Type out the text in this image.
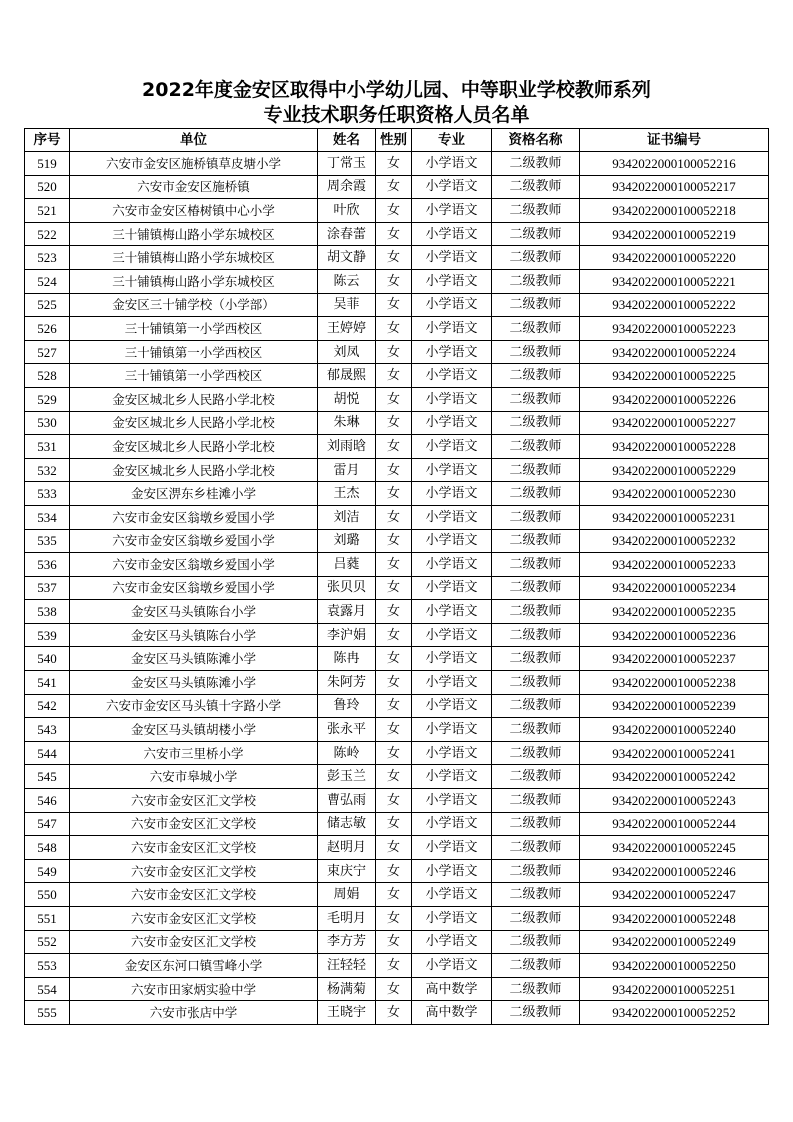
2022年度金安区取得中小学幼儿园、中等职业学校教师系列
专业技术职务任职资格人员名单
序号	单位	姓名	性别	专业	资格名称	证书编号
519	六安市金安区施桥镇草皮塘小学	丁常玉	女	小学语文	二级教师	9342022000100052216
520	六安市金安区施桥镇	周余霞	女	小学语文	二级教师	9342022000100052217
521	六安市金安区椿树镇中心小学	叶欣	女	小学语文	二级教师	9342022000100052218
522	三十铺镇梅山路小学东城校区	涂春蕾	女	小学语文	二级教师	9342022000100052219
523	三十铺镇梅山路小学东城校区	胡文静	女	小学语文	二级教师	9342022000100052220
524	三十铺镇梅山路小学东城校区	陈云	女	小学语文	二级教师	9342022000100052221
525	金安区三十铺学校（小学部）	吴菲	女	小学语文	二级教师	9342022000100052222
526	三十铺镇第一小学西校区	王婷婷	女	小学语文	二级教师	9342022000100052223
527	三十铺镇第一小学西校区	刘凤	女	小学语文	二级教师	9342022000100052224
528	三十铺镇第一小学西校区	郁晟熙	女	小学语文	二级教师	9342022000100052225
529	金安区城北乡人民路小学北校	胡悦	女	小学语文	二级教师	9342022000100052226
530	金安区城北乡人民路小学北校	朱琳	女	小学语文	二级教师	9342022000100052227
531	金安区城北乡人民路小学北校	刘雨晗	女	小学语文	二级教师	9342022000100052228
532	金安区城北乡人民路小学北校	雷月	女	小学语文	二级教师	9342022000100052229
533	金安区淠东乡桂滩小学	王杰	女	小学语文	二级教师	9342022000100052230
534	六安市金安区翁墩乡爱国小学	刘洁	女	小学语文	二级教师	9342022000100052231
535	六安市金安区翁墩乡爱国小学	刘璐	女	小学语文	二级教师	9342022000100052232
536	六安市金安区翁墩乡爱国小学	吕蕤	女	小学语文	二级教师	9342022000100052233
537	六安市金安区翁墩乡爱国小学	张贝贝	女	小学语文	二级教师	9342022000100052234
538	金安区马头镇陈台小学	袁露月	女	小学语文	二级教师	9342022000100052235
539	金安区马头镇陈台小学	李沪娟	女	小学语文	二级教师	9342022000100052236
540	金安区马头镇陈滩小学	陈冉	女	小学语文	二级教师	9342022000100052237
541	金安区马头镇陈滩小学	朱阿芳	女	小学语文	二级教师	9342022000100052238
542	六安市金安区马头镇十字路小学	鲁玲	女	小学语文	二级教师	9342022000100052239
543	金安区马头镇胡楼小学	张永平	女	小学语文	二级教师	9342022000100052240
544	六安市三里桥小学	陈岭	女	小学语文	二级教师	9342022000100052241
545	六安市皋城小学	彭玉兰	女	小学语文	二级教师	9342022000100052242
546	六安市金安区汇文学校	曹弘雨	女	小学语文	二级教师	9342022000100052243
547	六安市金安区汇文学校	储志敏	女	小学语文	二级教师	9342022000100052244
548	六安市金安区汇文学校	赵明月	女	小学语文	二级教师	9342022000100052245
549	六安市金安区汇文学校	束庆宁	女	小学语文	二级教师	9342022000100052246
550	六安市金安区汇文学校	周娟	女	小学语文	二级教师	9342022000100052247
551	六安市金安区汇文学校	毛明月	女	小学语文	二级教师	9342022000100052248
552	六安市金安区汇文学校	李方芳	女	小学语文	二级教师	9342022000100052249
553	金安区东河口镇雪峰小学	汪轻轻	女	小学语文	二级教师	9342022000100052250
554	六安市田家炳实验中学	杨满菊	女	高中数学	二级教师	9342022000100052251
555	六安市张店中学	王晓宇	女	高中数学	二级教师	9342022000100052252
